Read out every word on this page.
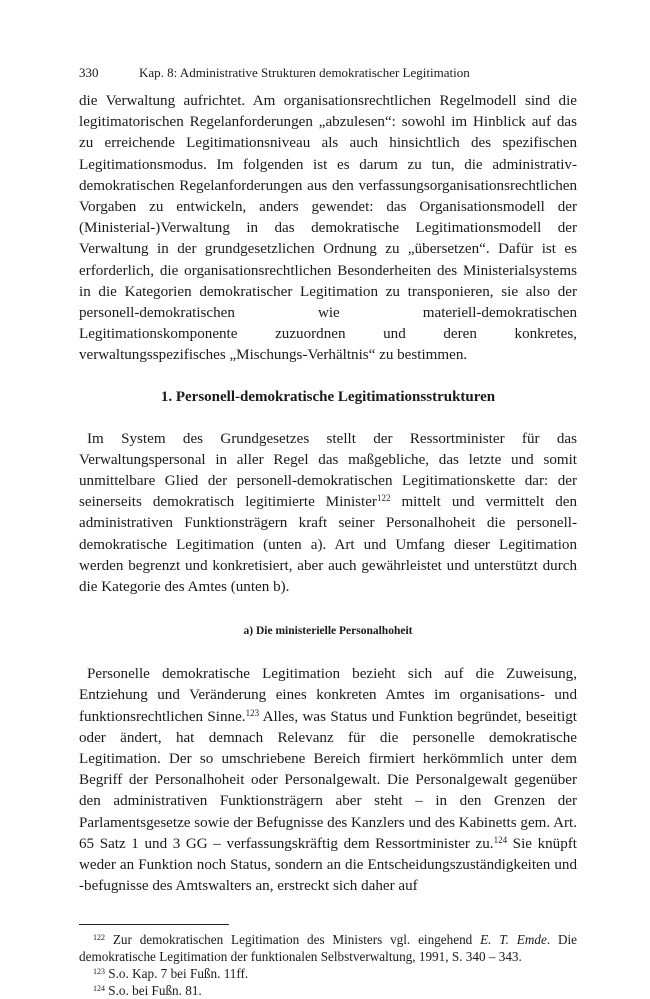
330	Kap. 8: Administrative Strukturen demokratischer Legitimation

die Verwaltung aufrichtet. Am organisationsrechtlichen Regelmodell sind die legitimatorischen Regelanforderungen „abzulesen“: sowohl im Hinblick auf das zu erreichende Legitimationsniveau als auch hinsichtlich des spezifischen Legitimationsmodus. Im folgenden ist es darum zu tun, die administrativ-demokratischen Regelanforderungen aus den verfassungsorganisationsrechtlichen Vorgaben zu entwickeln, anders gewendet: das Organisationsmodell der (Ministerial-)Verwaltung in das demokratische Legitimationsmodell der Verwaltung in der grundgesetzlichen Ordnung zu „übersetzen“. Dafür ist es erforderlich, die organisationsrechtlichen Besonderheiten des Ministerialsystems in die Kategorien demokratischer Legitimation zu transponieren, sie also der personell-demokratischen wie materiell-demokratischen Legitimationskomponente zuzuordnen und deren konkretes, verwaltungsspezifisches „Mischungs-Verhältnis“ zu bestimmen.

1. Personell-demokratische Legitimationsstrukturen

Im System des Grundgesetzes stellt der Ressortminister für das Verwaltungspersonal in aller Regel das maßgebliche, das letzte und somit unmittelbare Glied der personell-demokratischen Legitimationskette dar: der seinerseits demokratisch legitimierte Minister$^{122}$ mittelt und vermittelt den administrativen Funktionsträgern kraft seiner Personalhoheit die personell-demokratische Legitimation (unten a). Art und Umfang dieser Legitimation werden begrenzt und konkretisiert, aber auch gewährleistet und unterstützt durch die Kategorie des Amtes (unten b).

a) Die ministerielle Personalhoheit

Personelle demokratische Legitimation bezieht sich auf die Zuweisung, Entziehung und Veränderung eines konkreten Amtes im organisations- und funktionsrechtlichen Sinne.$^{123}$ Alles, was Status und Funktion begründet, beseitigt oder ändert, hat demnach Relevanz für die personelle demokratische Legitimation. Der so umschriebene Bereich firmiert herkömmlich unter dem Begriff der Personalhoheit oder Personalgewalt. Die Personalgewalt gegenüber den administrativen Funktionsträgern aber steht – in den Grenzen der Parlamentsgesetze sowie der Befugnisse des Kanzlers und des Kabinetts gem. Art. 65 Satz 1 und 3 GG – verfassungskräftig dem Ressortminister zu.$^{124}$ Sie knüpft weder an Funktion noch Status, sondern an die Entscheidungszuständigkeiten und -befugnisse des Amtswalters an, erstreckt sich daher auf

$^{122}$ Zur demokratischen Legitimation des Ministers vgl. eingehend E. T. Emde. Die demokratische Legitimation der funktionalen Selbstverwaltung, 1991, S. 340 – 343.

$^{123}$ S.o. Kap. 7 bei Fußn. 11ff.

$^{124}$ S.o. bei Fußn. 81.
